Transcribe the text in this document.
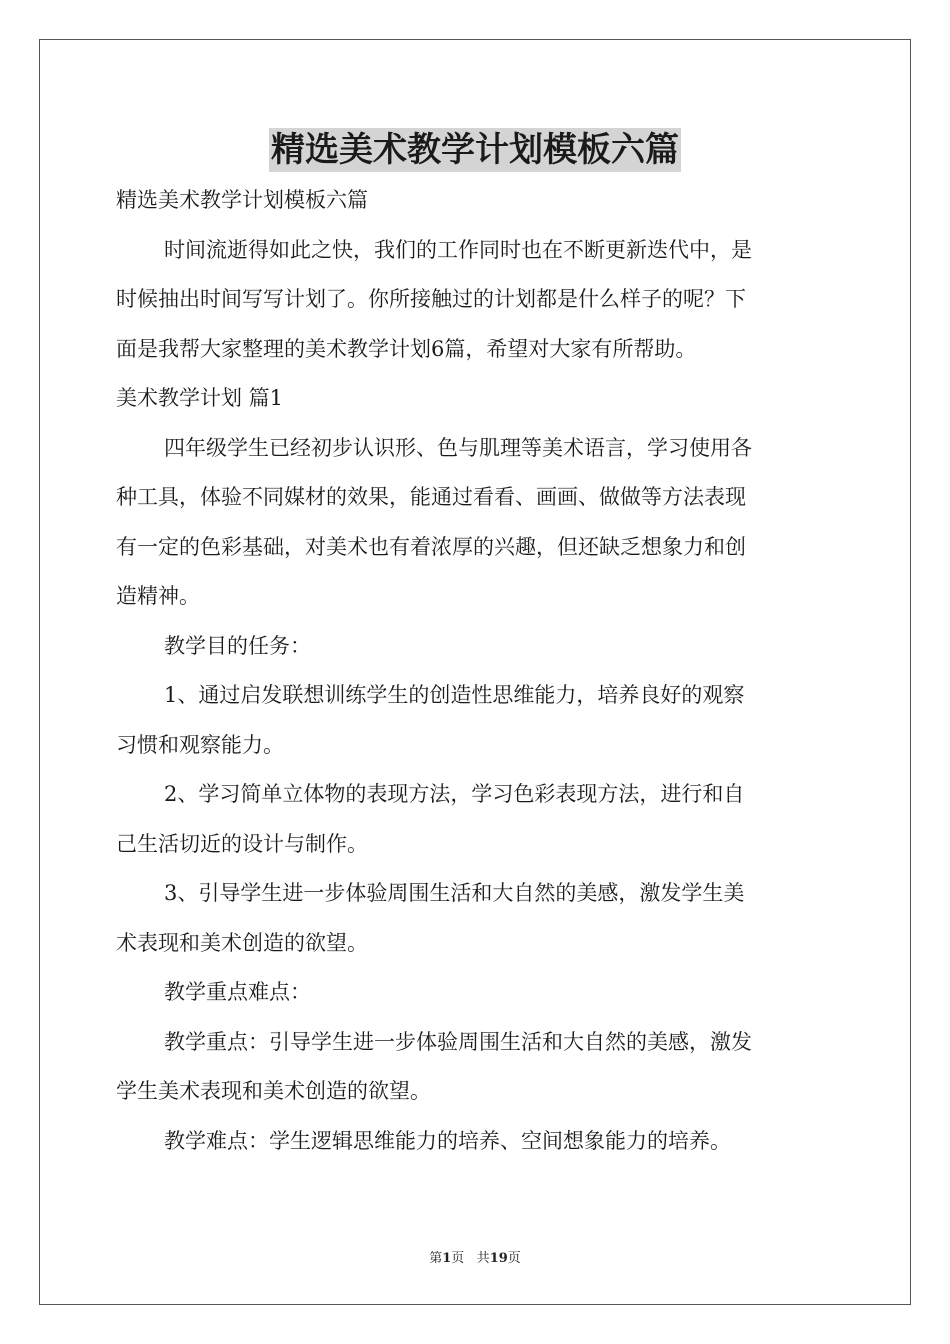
精选美术教学计划模板六篇

精选美术教学计划模板六篇

时间流逝得如此之快，我们的工作同时也在不断更新迭代中，是

时候抽出时间写写计划了。你所接触过的计划都是什么样子的呢？下

面是我帮大家整理的美术教学计划6篇，希望对大家有所帮助。

美术教学计划 篇1

四年级学生已经初步认识形、色与肌理等美术语言，学习使用各

种工具，体验不同媒材的效果，能通过看看、画画、做做等方法表现

有一定的色彩基础，对美术也有着浓厚的兴趣，但还缺乏想象力和创

造精神。

教学目的任务：

1、通过启发联想训练学生的创造性思维能力，培养良好的观察

习惯和观察能力。

2、学习简单立体物的表现方法，学习色彩表现方法，进行和自

己生活切近的设计与制作。

3、引导学生进一步体验周围生活和大自然的美感，激发学生美

术表现和美术创造的欲望。

教学重点难点：

教学重点：引导学生进一步体验周围生活和大自然的美感，激发

学生美术表现和美术创造的欲望。

教学难点：学生逻辑思维能力的培养、空间想象能力的培养。

第1页 共19页
